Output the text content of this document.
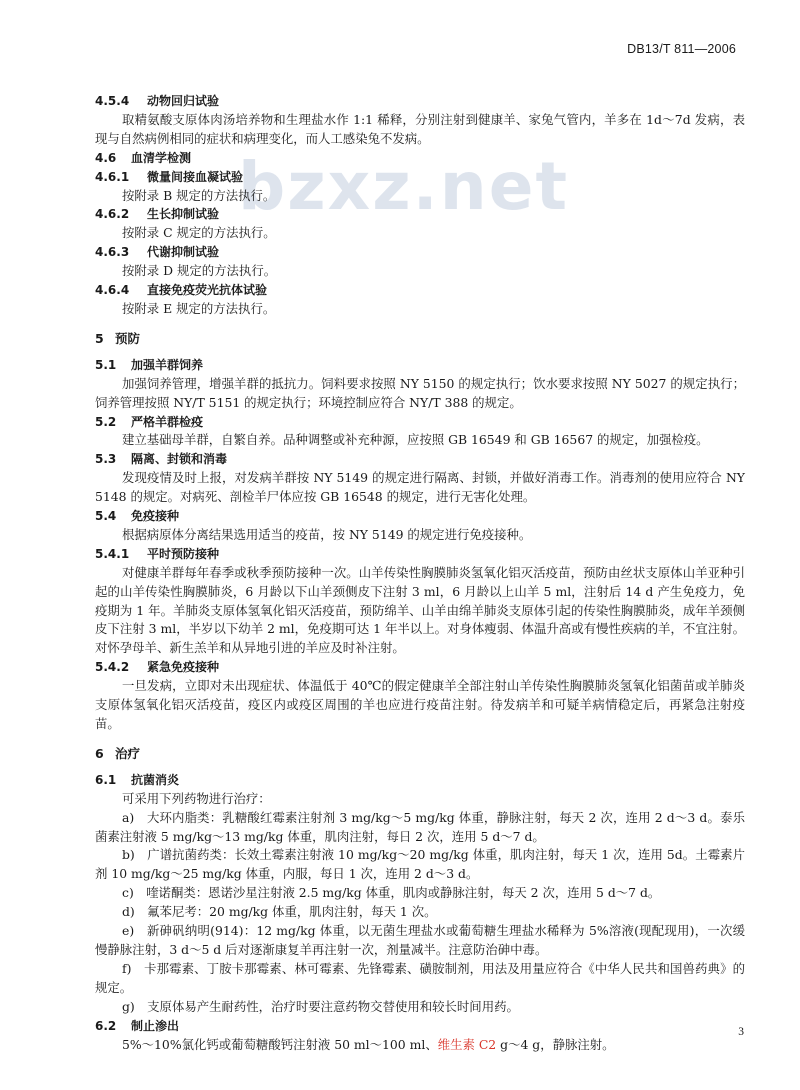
DB13/T 811—2006
bzxz.net

4.5.4 动物回归试验

取精氨酸支原体肉汤培养物和生理盐水作 1:1 稀释，分别注射到健康羊、家兔气管内，羊多在 1d～7d 发病，表现与自然病例相同的症状和病理变化，而人工感染兔不发病。

4.6 血清学检测

4.6.1 微量间接血凝试验

按附录 B 规定的方法执行。

4.6.2 生长抑制试验

按附录 C 规定的方法执行。

4.6.3 代谢抑制试验

按附录 D 规定的方法执行。

4.6.4 直接免疫荧光抗体试验

按附录 E 规定的方法执行。

5 预防

5.1 加强羊群饲养

加强饲养管理，增强羊群的抵抗力。饲料要求按照 NY 5150 的规定执行；饮水要求按照 NY 5027 的规定执行；饲养管理按照 NY/T 5151 的规定执行；环境控制应符合 NY/T 388 的规定。

5.2 严格羊群检疫

建立基础母羊群，自繁自养。品种调整或补充种源，应按照 GB 16549 和 GB 16567 的规定，加强检疫。

5.3 隔离、封锁和消毒

发现疫情及时上报，对发病羊群按 NY 5149 的规定进行隔离、封锁，并做好消毒工作。消毒剂的使用应符合 NY 5148 的规定。对病死、剖检羊尸体应按 GB 16548 的规定，进行无害化处理。

5.4 免疫接种

根据病原体分离结果选用适当的疫苗，按 NY 5149 的规定进行免疫接种。

5.4.1 平时预防接种

对健康羊群每年春季或秋季预防接种一次。山羊传染性胸膜肺炎氢氧化铝灭活疫苗，预防由丝状支原体山羊亚种引起的山羊传染性胸膜肺炎，6 月龄以下山羊颈侧皮下注射 3 ml，6 月龄以上山羊 5 ml，注射后 14 d 产生免疫力，免疫期为 1 年。羊肺炎支原体氢氧化铝灭活疫苗，预防绵羊、山羊由绵羊肺炎支原体引起的传染性胸膜肺炎，成年羊颈侧皮下注射 3 ml，半岁以下幼羊 2 ml，免疫期可达 1 年半以上。对身体瘦弱、体温升高或有慢性疾病的羊，不宜注射。对怀孕母羊、新生羔羊和从异地引进的羊应及时补注射。

5.4.2 紧急免疫接种

一旦发病，立即对未出现症状、体温低于 40℃的假定健康羊全部注射山羊传染性胸膜肺炎氢氧化铝菌苗或羊肺炎支原体氢氧化铝灭活疫苗，疫区内或疫区周围的羊也应进行疫苗注射。待发病羊和可疑羊病情稳定后，再紧急注射疫苗。

6 治疗

6.1 抗菌消炎

可采用下列药物进行治疗：

a)　大环内脂类：乳糖酸红霉素注射剂 3 mg/kg～5 mg/kg 体重，静脉注射，每天 2 次，连用 2 d～3 d。泰乐菌素注射液 5 mg/kg～13 mg/kg 体重，肌肉注射，每日 2 次，连用 5 d～7 d。

b)　广谱抗菌药类：长效土霉素注射液 10 mg/kg～20 mg/kg 体重，肌肉注射，每天 1 次，连用 5d。土霉素片剂 10 mg/kg～25 mg/kg 体重，内服，每日 1 次，连用 2 d～3 d。

c)　喹诺酮类：恩诺沙星注射液 2.5 mg/kg 体重，肌肉或静脉注射，每天 2 次，连用 5 d～7 d。

d)　氟苯尼考：20 mg/kg 体重，肌肉注射，每天 1 次。

e)　新砷矾纳明(914)：12 mg/kg 体重，以无菌生理盐水或葡萄糖生理盐水稀释为 5%溶液(现配现用)，一次缓慢静脉注射，3 d～5 d 后对逐渐康复羊再注射一次，剂量减半。注意防治砷中毒。

f)　卡那霉素、丁胺卡那霉素、林可霉素、先锋霉素、磺胺制剂，用法及用量应符合《中华人民共和国兽药典》的规定。

g)　支原体易产生耐药性，治疗时要注意药物交替使用和较长时间用药。

6.2 制止渗出

5%～10%氯化钙或葡萄糖酸钙注射液 50 ml～100 ml、维生素 C2 g～4 g，静脉注射。

3
